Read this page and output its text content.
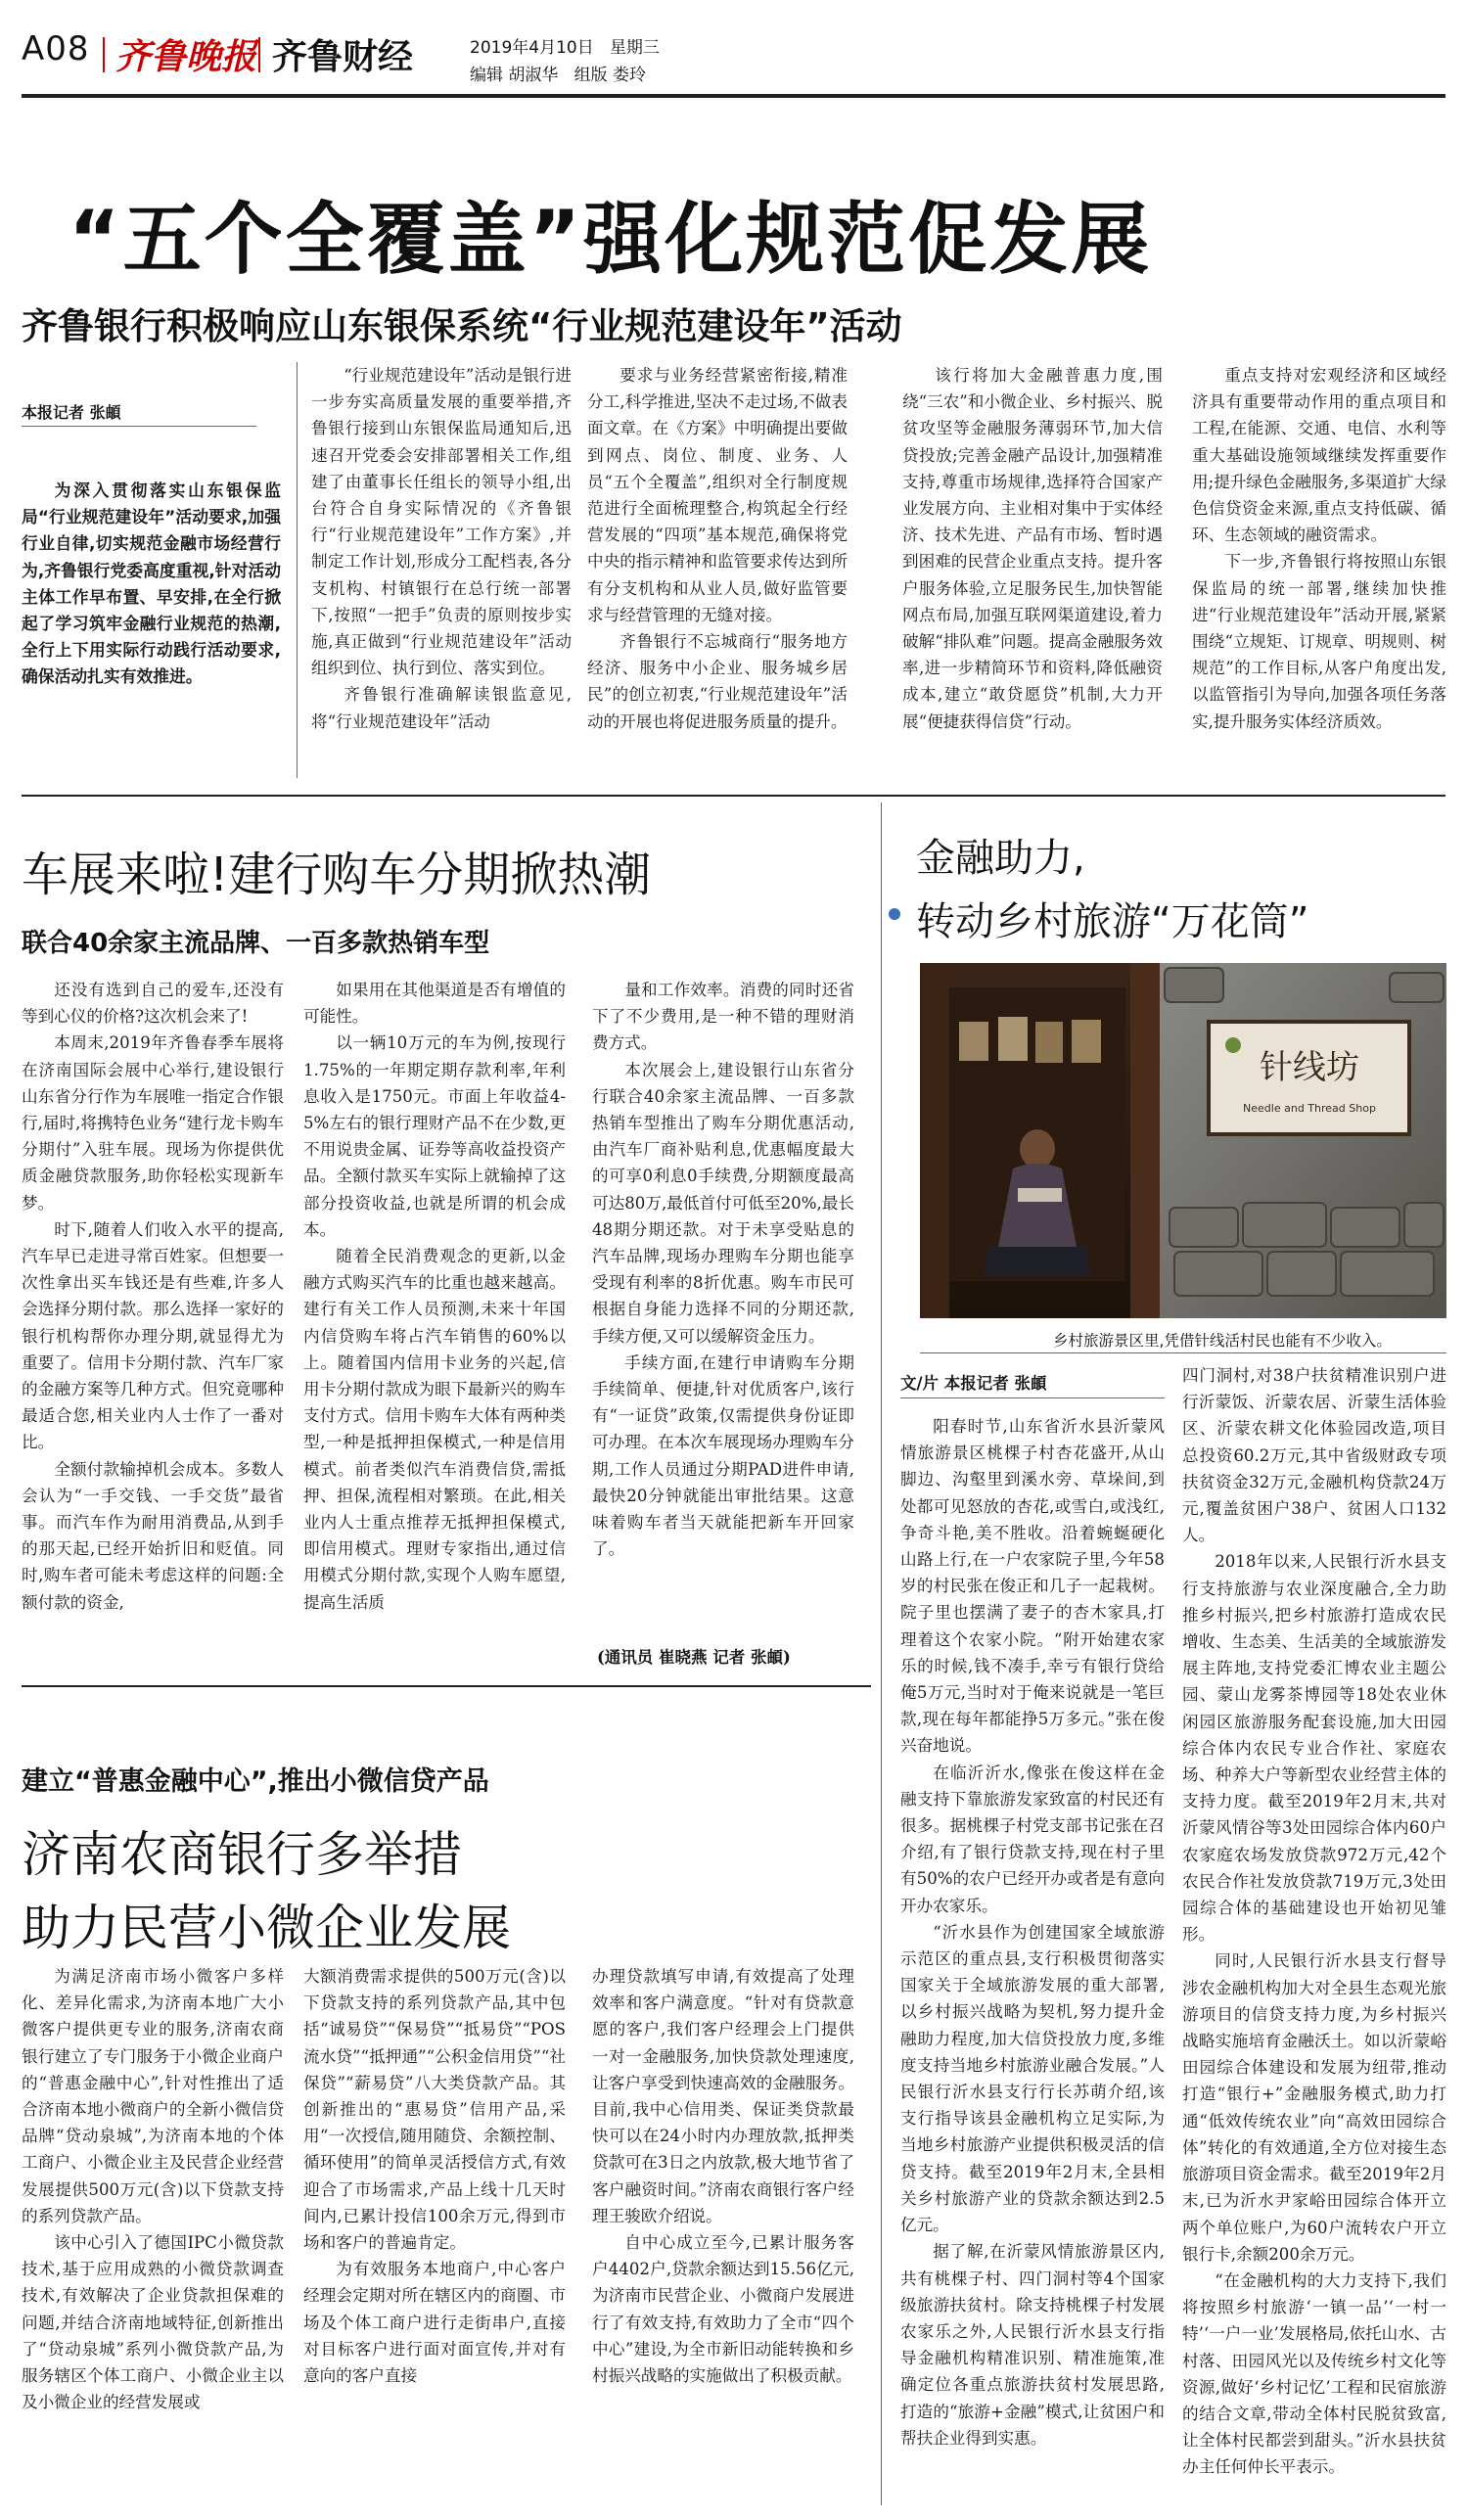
A08 齐鲁晚报 齐鲁财经	2019年4月10日 星期三
编辑 胡淑华 组版 娄玲
“五个全覆盖”强化规范促发展
齐鲁银行积极响应山东银保系统“行业规范建设年”活动
本报记者 张頔

为深入贯彻落实山东银保监局“行业规范建设年”活动要求,加强行业自律,切实规范金融市场经营行为,齐鲁银行党委高度重视,针对活动主体工作早布置、早安排,在全行掀起了学习筑牢金融行业规范的热潮,全行上下用实际行动践行活动要求,确保活动扎实有效推进。

“行业规范建设年”活动是银行进一步夯实高质量发展的重要举措,齐鲁银行接到山东银保监局通知后,迅速召开党委会安排部署相关工作,组建了由董事长任组长的领导小组,出台符合自身实际情况的《齐鲁银行“行业规范建设年”工作方案》,并制定工作计划,形成分工配档表,各分支机构、村镇银行在总行统一部署下,按照“一把手”负责的原则按步实施,真正做到“行业规范建设年”活动组织到位、执行到位、落实到位。

齐鲁银行准确解读银监意见,将“行业规范建设年”活动

要求与业务经营紧密衔接,精准分工,科学推进,坚决不走过场,不做表面文章。在《方案》中明确提出要做到网点、岗位、制度、业务、人员“五个全覆盖”,组织对全行制度规范进行全面梳理整合,构筑起全行经营发展的“四项”基本规范,确保将党中央的指示精神和监管要求传达到所有分支机构和从业人员,做好监管要求与经营管理的无缝对接。

齐鲁银行不忘城商行“服务地方经济、服务中小企业、服务城乡居民”的创立初衷,“行业规范建设年”活动的开展也将促进服务质量的提升。

该行将加大金融普惠力度,围绕“三农”和小微企业、乡村振兴、脱贫攻坚等金融服务薄弱环节,加大信贷投放;完善金融产品设计,加强精准支持,尊重市场规律,选择符合国家产业发展方向、主业相对集中于实体经济、技术先进、产品有市场、暂时遇到困难的民营企业重点支持。提升客户服务体验,立足服务民生,加快智能网点布局,加强互联网渠道建设,着力破解“排队难”问题。提高金融服务效率,进一步精简环节和资料,降低融资成本,建立“敢贷愿贷”机制,大力开展“便捷获得信贷”行动。

重点支持对宏观经济和区域经济具有重要带动作用的重点项目和工程,在能源、交通、电信、水利等重大基础设施领域继续发挥重要作用;提升绿色金融服务,多渠道扩大绿色信贷资金来源,重点支持低碳、循环、生态领域的融资需求。

下一步,齐鲁银行将按照山东银保监局的统一部署,继续加快推进“行业规范建设年”活动开展,紧紧围绕“立规矩、订规章、明规则、树规范”的工作目标,从客户角度出发,以监管指引为导向,加强各项任务落实,提升服务实体经济质效。

车展来啦!建行购车分期掀热潮
联合40余家主流品牌、一百多款热销车型

还没有选到自己的爱车,还没有等到心仪的价格?这次机会来了!

本周末,2019年齐鲁春季车展将在济南国际会展中心举行,建设银行山东省分行作为车展唯一指定合作银行,届时,将携特色业务“建行龙卡购车分期付”入驻车展。现场为你提供优质金融贷款服务,助你轻松实现新车梦。

时下,随着人们收入水平的提高,汽车早已走进寻常百姓家。但想要一次性拿出买车钱还是有些难,许多人会选择分期付款。那么选择一家好的银行机构帮你办理分期,就显得尤为重要了。信用卡分期付款、汽车厂家的金融方案等几种方式。但究竟哪种最适合您,相关业内人士作了一番对比。

全额付款输掉机会成本。多数人会认为“一手交钱、一手交货”最省事。而汽车作为耐用消费品,从到手的那天起,已经开始折旧和贬值。同时,购车者可能未考虑这样的问题:全额付款的资金,

如果用在其他渠道是否有增值的可能性。

以一辆10万元的车为例,按现行1.75%的一年期定期存款利率,年利息收入是1750元。市面上年收益4-5%左右的银行理财产品不在少数,更不用说贵金属、证券等高收益投资产品。全额付款买车实际上就输掉了这部分投资收益,也就是所谓的机会成本。

随着全民消费观念的更新,以金融方式购买汽车的比重也越来越高。建行有关工作人员预测,未来十年国内信贷购车将占汽车销售的60%以上。随着国内信用卡业务的兴起,信用卡分期付款成为眼下最新兴的购车支付方式。信用卡购车大体有两种类型,一种是抵押担保模式,一种是信用模式。前者类似汽车消费信贷,需抵押、担保,流程相对繁琐。在此,相关业内人士重点推荐无抵押担保模式,即信用模式。理财专家指出,通过信用模式分期付款,实现个人购车愿望,提高生活质

量和工作效率。消费的同时还省下了不少费用,是一种不错的理财消费方式。

本次展会上,建设银行山东省分行联合40余家主流品牌、一百多款热销车型推出了购车分期优惠活动,由汽车厂商补贴利息,优惠幅度最大的可享0利息0手续费,分期额度最高可达80万,最低首付可低至20%,最长48期分期还款。对于未享受贴息的汽车品牌,现场办理购车分期也能享受现有利率的8折优惠。购车市民可根据自身能力选择不同的分期还款,手续方便,又可以缓解资金压力。

手续方面,在建行申请购车分期手续简单、便捷,针对优质客户,该行有“一证贷”政策,仅需提供身份证即可办理。在本次车展现场办理购车分期,工作人员通过分期PAD进件申请,最快20分钟就能出审批结果。这意味着购车者当天就能把新车开回家了。

(通讯员 崔晓燕 记者 张頔)
金融助力,
转动乡村旅游“万花筒”
针线坊
Needle and Thread Shop
乡村旅游景区里,凭借针线活村民也能有不少收入。
文/片 本报记者 张頔

阳春时节,山东省沂水县沂蒙风情旅游景区桃棵子村杏花盛开,从山脚边、沟壑里到溪水旁、草垛间,到处都可见怒放的杏花,或雪白,或浅红,争奇斗艳,美不胜收。沿着蜿蜒硬化山路上行,在一户农家院子里,今年58岁的村民张在俊正和几子一起栽树。院子里也摆满了妻子的杏木家具,打理着这个农家小院。“附开始建农家乐的时候,钱不凑手,幸亏有银行贷给俺5万元,当时对于俺来说就是一笔巨款,现在每年都能挣5万多元。”张在俊兴奋地说。

在临沂沂水,像张在俊这样在金融支持下靠旅游发家致富的村民还有很多。据桃棵子村党支部书记张在召介绍,有了银行贷款支持,现在村子里有50%的农户已经开办或者是有意向开办农家乐。

“沂水县作为创建国家全域旅游示范区的重点县,支行积极贯彻落实国家关于全域旅游发展的重大部署,以乡村振兴战略为契机,努力提升金融助力程度,加大信贷投放力度,多维度支持当地乡村旅游业融合发展。”人民银行沂水县支行行长苏萌介绍,该支行指导该县金融机构立足实际,为当地乡村旅游产业提供积极灵活的信贷支持。截至2019年2月末,全县相关乡村旅游产业的贷款余额达到2.5亿元。

据了解,在沂蒙风情旅游景区内,共有桃棵子村、四门洞村等4个国家级旅游扶贫村。除支持桃棵子村发展农家乐之外,人民银行沂水县支行指导金融机构精准识别、精准施策,准确定位各重点旅游扶贫村发展思路,打造的“旅游+金融”模式,让贫困户和帮扶企业得到实惠。

四门洞村,对38户扶贫精准识别户进行沂蒙饭、沂蒙农居、沂蒙生活体验区、沂蒙农耕文化体验园改造,项目总投资60.2万元,其中省级财政专项扶贫资金32万元,金融机构贷款24万元,覆盖贫困户38户、贫困人口132人。

2018年以来,人民银行沂水县支行支持旅游与农业深度融合,全力助推乡村振兴,把乡村旅游打造成农民增收、生态美、生活美的全域旅游发展主阵地,支持党委汇博农业主题公园、蒙山龙雾茶博园等18处农业休闲园区旅游服务配套设施,加大田园综合体内农民专业合作社、家庭农场、种养大户等新型农业经营主体的支持力度。截至2019年2月末,共对沂蒙风情谷等3处田园综合体内60户农家庭农场发放贷款972万元,42个农民合作社发放贷款719万元,3处田园综合体的基础建设也开始初见雏形。

同时,人民银行沂水县支行督导涉农金融机构加大对全县生态观光旅游项目的信贷支持力度,为乡村振兴战略实施培育金融沃土。如以沂蒙峪田园综合体建设和发展为纽带,推动打造“银行+”金融服务模式,助力打通“低效传统农业”向“高效田园综合体”转化的有效通道,全方位对接生态旅游项目资金需求。截至2019年2月末,已为沂水尹家峪田园综合体开立两个单位账户,为60户流转农户开立银行卡,余额200余万元。

“在金融机构的大力支持下,我们将按照乡村旅游‘一镇一品’‘一村一特’‘一户一业’发展格局,依托山水、古村落、田园风光以及传统乡村文化等资源,做好‘乡村记忆’工程和民宿旅游的结合文章,带动全体村民脱贫致富,让全体村民都尝到甜头。”沂水县扶贫办主任何仲长平表示。

建立“普惠金融中心”,推出小微信贷产品
济南农商银行多举措
助力民营小微企业发展

为满足济南市场小微客户多样化、差异化需求,为济南本地广大小微客户提供更专业的服务,济南农商银行建立了专门服务于小微企业商户的“普惠金融中心”,针对性推出了适合济南本地小微商户的全新小微信贷品牌“贷动泉城”,为济南本地的个体工商户、小微企业主及民营企业经营发展提供500万元(含)以下贷款支持的系列贷款产品。

该中心引入了德国IPC小微贷款技术,基于应用成熟的小微贷款调查技术,有效解决了企业贷款担保难的问题,并结合济南地域特征,创新推出了“贷动泉城”系列小微贷款产品,为服务辖区个体工商户、小微企业主以及小微企业的经营发展或

大额消费需求提供的500万元(含)以下贷款支持的系列贷款产品,其中包括“诚易贷”“保易贷”“抵易贷”“POS流水贷”“抵押通”“公积金信用贷”“社保贷”“薪易贷”八大类贷款产品。其创新推出的“惠易贷”信用产品,采用“一次授信,随用随贷、余额控制、循环使用”的简单灵活授信方式,有效迎合了市场需求,产品上线十几天时间内,已累计投信100余万元,得到市场和客户的普遍肯定。

为有效服务本地商户,中心客户经理会定期对所在辖区内的商圈、市场及个体工商户进行走街串户,直接对目标客户进行面对面宣传,并对有意向的客户直接

办理贷款填写申请,有效提高了处理效率和客户满意度。“针对有贷款意愿的客户,我们客户经理会上门提供一对一金融服务,加快贷款处理速度,让客户享受到快速高效的金融服务。目前,我中心信用类、保证类贷款最快可以在24小时内办理放款,抵押类贷款可在3日之内放款,极大地节省了客户融资时间。”济南农商银行客户经理王骏欧介绍说。

自中心成立至今,已累计服务客户4402户,贷款余额达到15.56亿元,为济南市民营企业、小微商户发展进行了有效支持,有效助力了全市“四个中心”建设,为全市新旧动能转换和乡村振兴战略的实施做出了积极贡献。
